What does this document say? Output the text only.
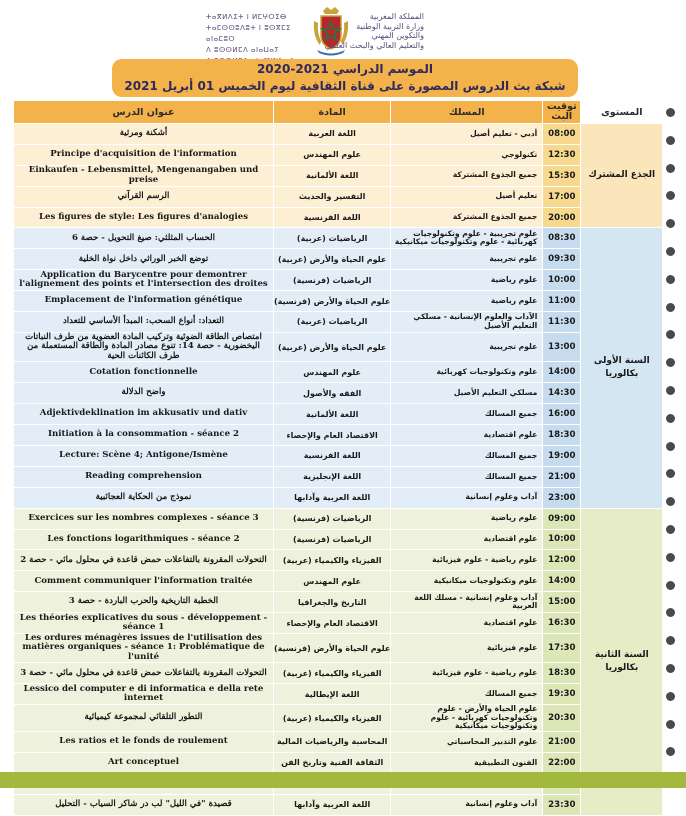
ⵜⴰⴳⵍⴷⵉⵜ ⵏ ⵍⵎⵖⵔⵉⴱ
ⵜⴰⵎⵙⵙⵓⴷⵓⵜ ⵏ ⵓⵙⴳⵎⵉ ⴰⵏⴰⵎⵓⵔ
ⴷ ⵓⵙⵙⵍⵎⴷ ⴰⵏⴰⵡⴰⵢ
المملكة المغربية
وزارة التربية الوطنية
والتكوين المهني
والتعليم العالي والبحث العلمي
الموسم الدراسي 2021-2020
شبكة بث الدروس المصورة على قناة الثقافية ليوم الخميس 01 أبريل 2021
عنوان الدرس	المادة	المسلك	توقيت البث	المستوى
أشكنة ومرثية	اللغة العربية	أدبي - تعليم أصيل	08:00	الجذع المشترك
Principe d'acquisition de l'information	علوم المهندس	تكنولوجي	12:30	
Einkaufen - Lebensmittel, Mengenangaben und preise	اللغة الألمانية	جميع الجذوع المشتركة	15:30	
الرسم القرآني	التفسير والحديث	تعليم أصيل	17:00	
Les figures de style: Les figures d'analogies	اللغة الفرنسية	جميع الجذوع المشتركة	20:00	
الحساب المثلثي: صيغ التحويل - حصة 6	الرياضيات (عربية)	علوم تجريبية - علوم وتكنولوجيات كهربائية - علوم وتكنولوجيات ميكانيكية	08:30	السنة الأولى بكالوريا
توضع الخبر الوراثي داخل نواة الخلية	علوم الحياة والأرض (عربية)	علوم تجريبية	09:30	
Application du Barycentre pour demontrer l'alignement des points et l'intersection des droites	الرياضيات (فرنسية)	علوم رياضية	10:00	
Emplacement de l'information génétique	علوم الحياة والأرض (فرنسية)	علوم رياضية	11:00	
التعداد: أنواع السحب: المبدأ الأساسي للتعداد	الرياضيات (عربية)	الآداب والعلوم الإنسانية - مسلكي التعليم الأصيل	11:30	
امتصاص الطاقة الضوئية وتركيب المادة العضوية من طرف النباتات اليخضورية - حصة 14: تنوع مصادر المادة والطاقة المستعملة من طرف الكائنات الحية	علوم الحياة والأرض (عربية)	علوم تجريبية	13:00	
Cotation fonctionnelle	علوم المهندس	علوم وتكنولوجيات كهربائية	14:00	
واضح الدلالة	الفقه والأصول	مسلكي التعليم الأصيل	14:30	
Adjektivdeklination im akkusativ und dativ	اللغة الألمانية	جميع المسالك	16:00	
Initiation à la consommation - séance 2	الاقتصاد العام والإحصاء	علوم اقتصادية	18:30	
Lecture: Scène 4; Antigone/Ismène	اللغة الفرنسية	جميع المسالك	19:00	
Reading comprehension	اللغة الإنجليزية	جميع المسالك	21:00	
نموذج من الحكاية العجائبية	اللغة العربية وآدابها	آداب وعلوم إنسانية	23:00	
Exercices sur les nombres complexes - séance 3	الرياضيات (فرنسية)	علوم رياضية	09:00	السنة الثانية بكالوريا
Les fonctions logarithmiques - séance 2	الرياضيات (فرنسية)	علوم اقتصادية	10:00	
التحولات المقرونة بالتفاعلات حمض قاعدة في محلول مائي - حصة 2	الفيزياء والكيمياء (عربية)	علوم رياضية - علوم فيزيائية	12:00	
Comment communiquer l'information traitée	علوم المهندس	علوم وتكنولوجيات ميكانيكية	14:00	
الخطبة التاريخية والحرب الباردة - حصة 3	التاريخ والجغرافيا	آداب وعلوم إنسانية - مسلك اللغة العربية	15:00	
Les théories explicatives du sous - développement - séance 1	الاقتصاد العام والإحصاء	علوم اقتصادية	16:30	
Les ordures ménagères issues de l'utilisation des matières organiques - séance 1: Problématique de l'unité	علوم الحياة والأرض (فرنسية)	علوم فيزيائية	17:30	
التحولات المقرونة بالتفاعلات حمض قاعدة في محلول مائي - حصة 3	الفيزياء والكيمياء (عربية)	علوم رياضية - علوم فيزيائية	18:30	
Lessico del computer e di informatica e della rete internet	اللغة الإيطالية	جميع المسالك	19:30	
التطور التلقائي لمجموعة كيميائية	الفيزياء والكيمياء (عربية)	علوم الحياة والأرض - علوم وتكنولوجيات كهربائية - علوم وتكنولوجيات ميكانيكية	20:30	
Les ratios et le fonds de roulement	المحاسبة والرياضيات المالية	علوم التدبير المحاسباتي	21:00	
Art conceptuel	الثقافة الفنية وتاريخ الفن	الفنون التطبيقية	22:00	

قصيدة "في الليل" لب در شاكر السياب - التحليل	اللغة العربية وآدابها	آداب وعلوم إنسانية	23:30	
